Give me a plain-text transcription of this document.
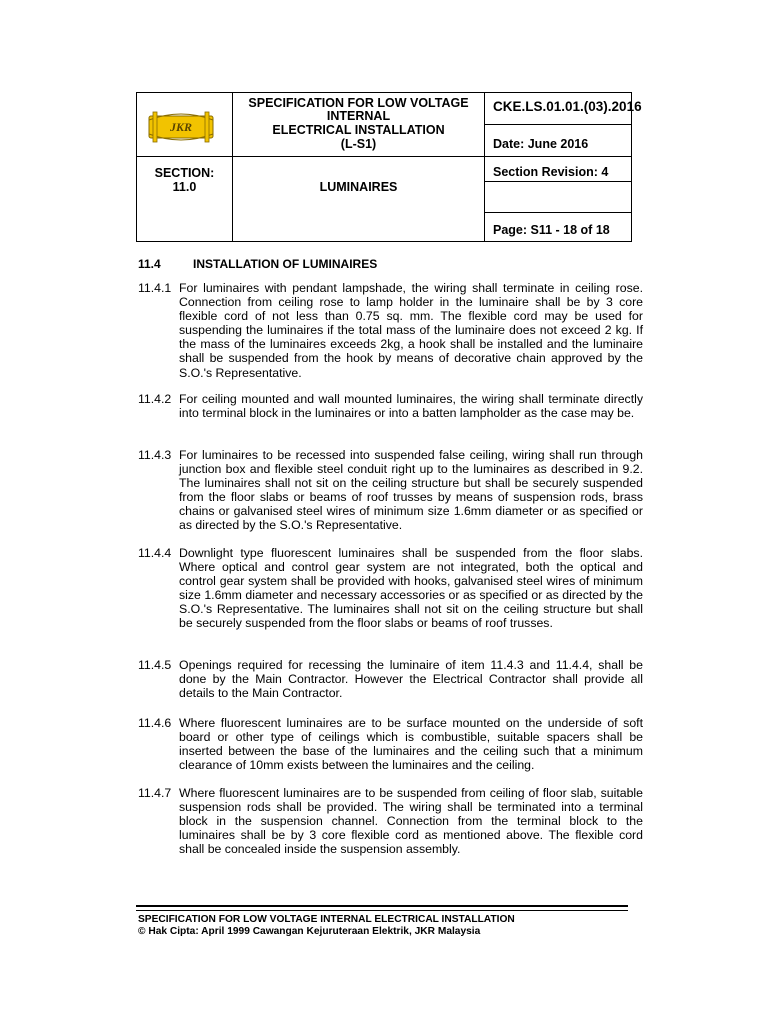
SPECIFICATION FOR LOW VOLTAGE
INTERNAL
ELECTRICAL INSTALLATION
(L-S1)
CKE.LS.01.01.(03).2016
Date: June 2016
SECTION:
11.0	LUMINAIRES
Section Revision: 4
Page: S11 - 18 of 18
JKR
11.4	INSTALLATION OF LUMINAIRES
11.4.1 For luminaires with pendant lampshade, the wiring shall terminate in ceiling rose. Connection from ceiling rose to lamp holder in the luminaire shall be by 3 core flexible cord of not less than 0.75 sq. mm. The flexible cord may be used for suspending the luminaires if the total mass of the luminaire does not exceed 2 kg. If the mass of the luminaires exceeds 2kg, a hook shall be installed and the luminaire shall be suspended from the hook by means of decorative chain approved by the S.O.'s Representative.
11.4.2 For ceiling mounted and wall mounted luminaires, the wiring shall terminate directly into terminal block in the luminaires or into a batten lampholder as the case may be.
11.4.3 For luminaires to be recessed into suspended false ceiling, wiring shall run through junction box and flexible steel conduit right up to the luminaires as described in 9.2. The luminaires shall not sit on the ceiling structure but shall be securely suspended from the floor slabs or beams of roof trusses by means of suspension rods, brass chains or galvanised steel wires of minimum size 1.6mm diameter or as specified or as directed by the S.O.'s Representative.
11.4.4 Downlight type fluorescent luminaires shall be suspended from the floor slabs. Where optical and control gear system are not integrated, both the optical and control gear system shall be provided with hooks, galvanised steel wires of minimum size 1.6mm diameter and necessary accessories or as specified or as directed by the S.O.'s Representative. The luminaires shall not sit on the ceiling structure but shall be securely suspended from the floor slabs or beams of roof trusses.
11.4.5 Openings required for recessing the luminaire of item 11.4.3 and 11.4.4, shall be done by the Main Contractor. However the Electrical Contractor shall provide all details to the Main Contractor.
11.4.6 Where fluorescent luminaires are to be surface mounted on the underside of soft board or other type of ceilings which is combustible, suitable spacers shall be inserted between the base of the luminaires and the ceiling such that a minimum clearance of 10mm exists between the luminaires and the ceiling.
11.4.7 Where fluorescent luminaires are to be suspended from ceiling of floor slab, suitable suspension rods shall be provided. The wiring shall be terminated into a terminal block in the suspension channel. Connection from the terminal block to the luminaires shall be by 3 core flexible cord as mentioned above. The flexible cord shall be concealed inside the suspension assembly.
SPECIFICATION FOR LOW VOLTAGE INTERNAL ELECTRICAL INSTALLATION
© Hak Cipta: April 1999 Cawangan Kejuruteraan Elektrik, JKR Malaysia
